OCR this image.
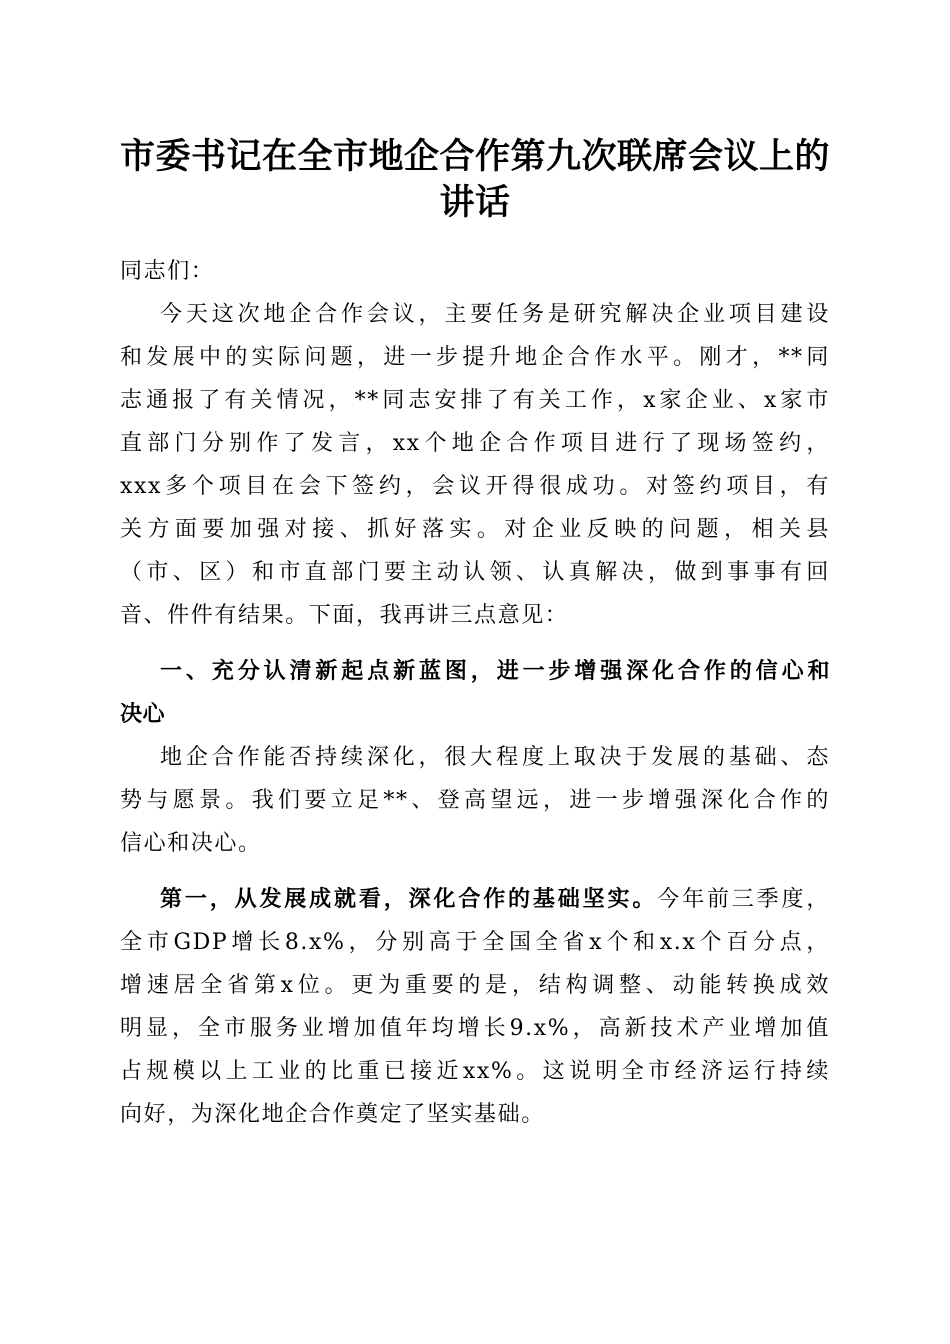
市委书记在全市地企合作第九次联席会议上的
讲话
同志们：
今天这次地企合作会议，主要任务是研究解决企业项目建设
和发展中的实际问题，进一步提升地企合作水平。刚才，**同
志通报了有关情况，**同志安排了有关工作，x家企业、x家市
直部门分别作了发言，xx个地企合作项目进行了现场签约，
xxx多个项目在会下签约，会议开得很成功。对签约项目，有
关方面要加强对接、抓好落实。对企业反映的问题，相关县
（市、区）和市直部门要主动认领、认真解决，做到事事有回
音、件件有结果。下面，我再讲三点意见：
一、充分认清新起点新蓝图，进一步增强深化合作的信心和
决心
地企合作能否持续深化，很大程度上取决于发展的基础、态
势与愿景。我们要立足**、登高望远，进一步增强深化合作的
信心和决心。
第一，从发展成就看，深化合作的基础坚实。今年前三季度，
全市GDP增长8.x%，分别高于全国全省x个和x.x个百分点，
增速居全省第x位。更为重要的是，结构调整、动能转换成效
明显，全市服务业增加值年均增长9.x%，高新技术产业增加值
占规模以上工业的比重已接近xx%。这说明全市经济运行持续
向好，为深化地企合作奠定了坚实基础。
